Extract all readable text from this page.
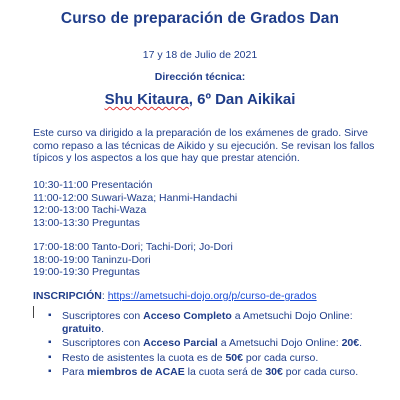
Curso de preparación de Grados Dan
17 y 18 de Julio de 2021
Dirección técnica:
Shu Kitaura, 6º Dan Aikikai
Este curso va dirigido a la preparación de los exámenes de grado. Sirve como repaso a las técnicas de Aikido y su ejecución. Se revisan los fallos típicos y los aspectos a los que hay que prestar atención.
10:30-11:00 Presentación
11:00-12:00 Suwari-Waza; Hanmi-Handachi
12:00-13:00 Tachi-Waza
13:00-13:30 Preguntas
17:00-18:00 Tanto-Dori; Tachi-Dori; Jo-Dori
18:00-19:00 Taninzu-Dori
19:00-19:30 Preguntas
INSCRIPCIÓN: https://ametsuchi-dojo.org/p/curso-de-grados
▪ Suscriptores con Acceso Completo a Ametsuchi Dojo Online: gratuito.
▪ Suscriptores con Acceso Parcial a Ametsuchi Dojo Online: 20€.
▪ Resto de asistentes la cuota es de 50€ por cada curso.
▪ Para miembros de ACAE la cuota será de 30€ por cada curso.
